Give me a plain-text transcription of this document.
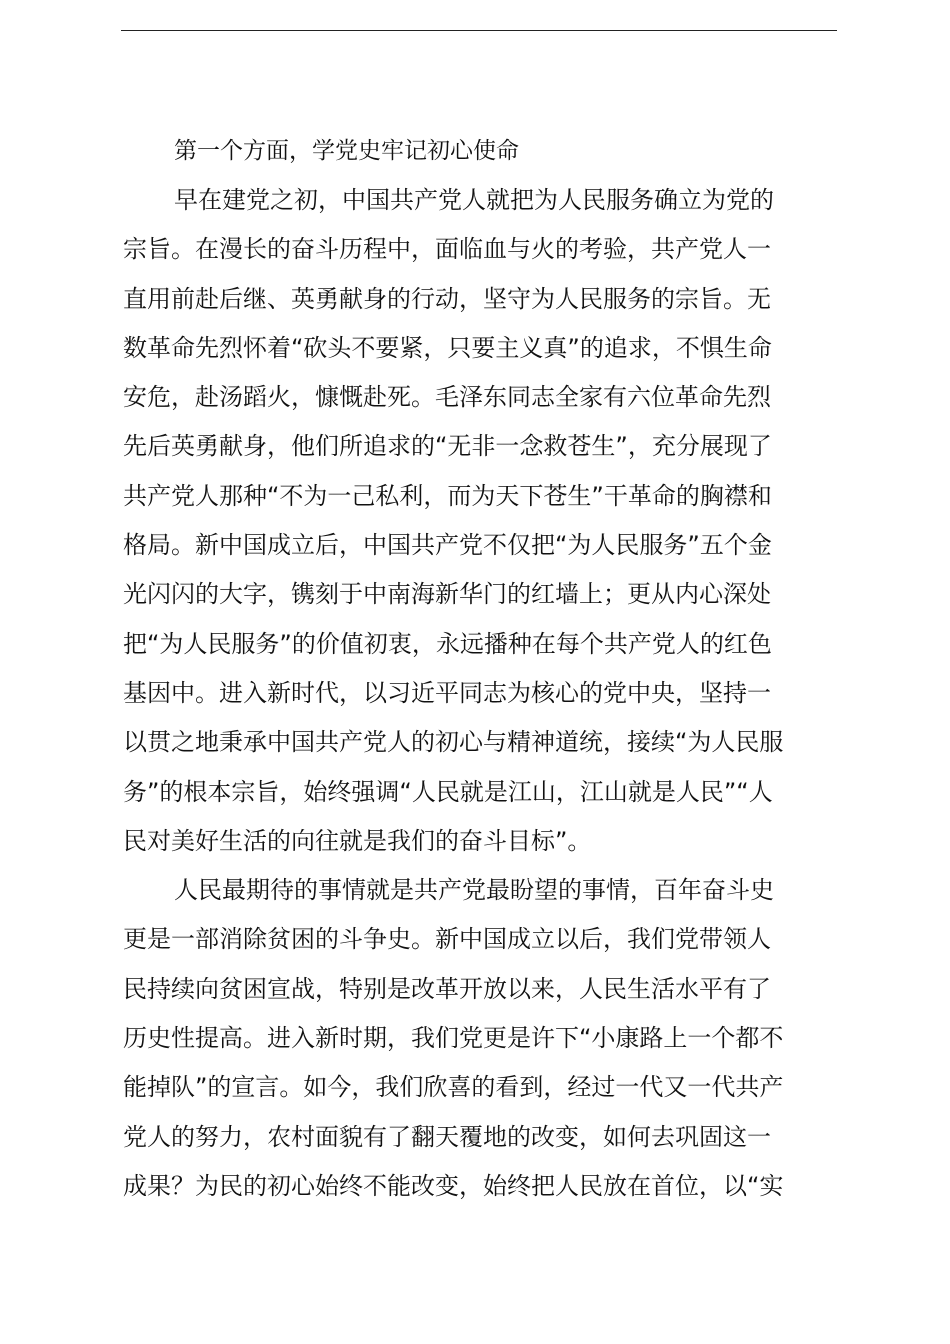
第一个方面，学党史牢记初心使命

早在建党之初，中国共产党人就把为人民服务确立为党的

宗旨。在漫长的奋斗历程中，面临血与火的考验，共产党人一

直用前赴后继、英勇献身的行动，坚守为人民服务的宗旨。无

数革命先烈怀着“砍头不要紧，只要主义真”的追求，不惧生命

安危，赴汤蹈火，慷慨赴死。毛泽东同志全家有六位革命先烈

先后英勇献身，他们所追求的“无非一念救苍生”，充分展现了

共产党人那种“不为一己私利，而为天下苍生”干革命的胸襟和

格局。新中国成立后，中国共产党不仅把“为人民服务”五个金

光闪闪的大字，镌刻于中南海新华门的红墙上；更从内心深处

把“为人民服务”的价值初衷，永远播种在每个共产党人的红色

基因中。进入新时代，以习近平同志为核心的党中央，坚持一

以贯之地秉承中国共产党人的初心与精神道统，接续“为人民服

务”的根本宗旨，始终强调“人民就是江山，江山就是人民”“人

民对美好生活的向往就是我们的奋斗目标”。

人民最期待的事情就是共产党最盼望的事情，百年奋斗史

更是一部消除贫困的斗争史。新中国成立以后，我们党带领人

民持续向贫困宣战，特别是改革开放以来，人民生活水平有了

历史性提高。进入新时期，我们党更是许下“小康路上一个都不

能掉队”的宣言。如今，我们欣喜的看到，经过一代又一代共产

党人的努力，农村面貌有了翻天覆地的改变，如何去巩固这一

成果？为民的初心始终不能改变，始终把人民放在首位，以“实
